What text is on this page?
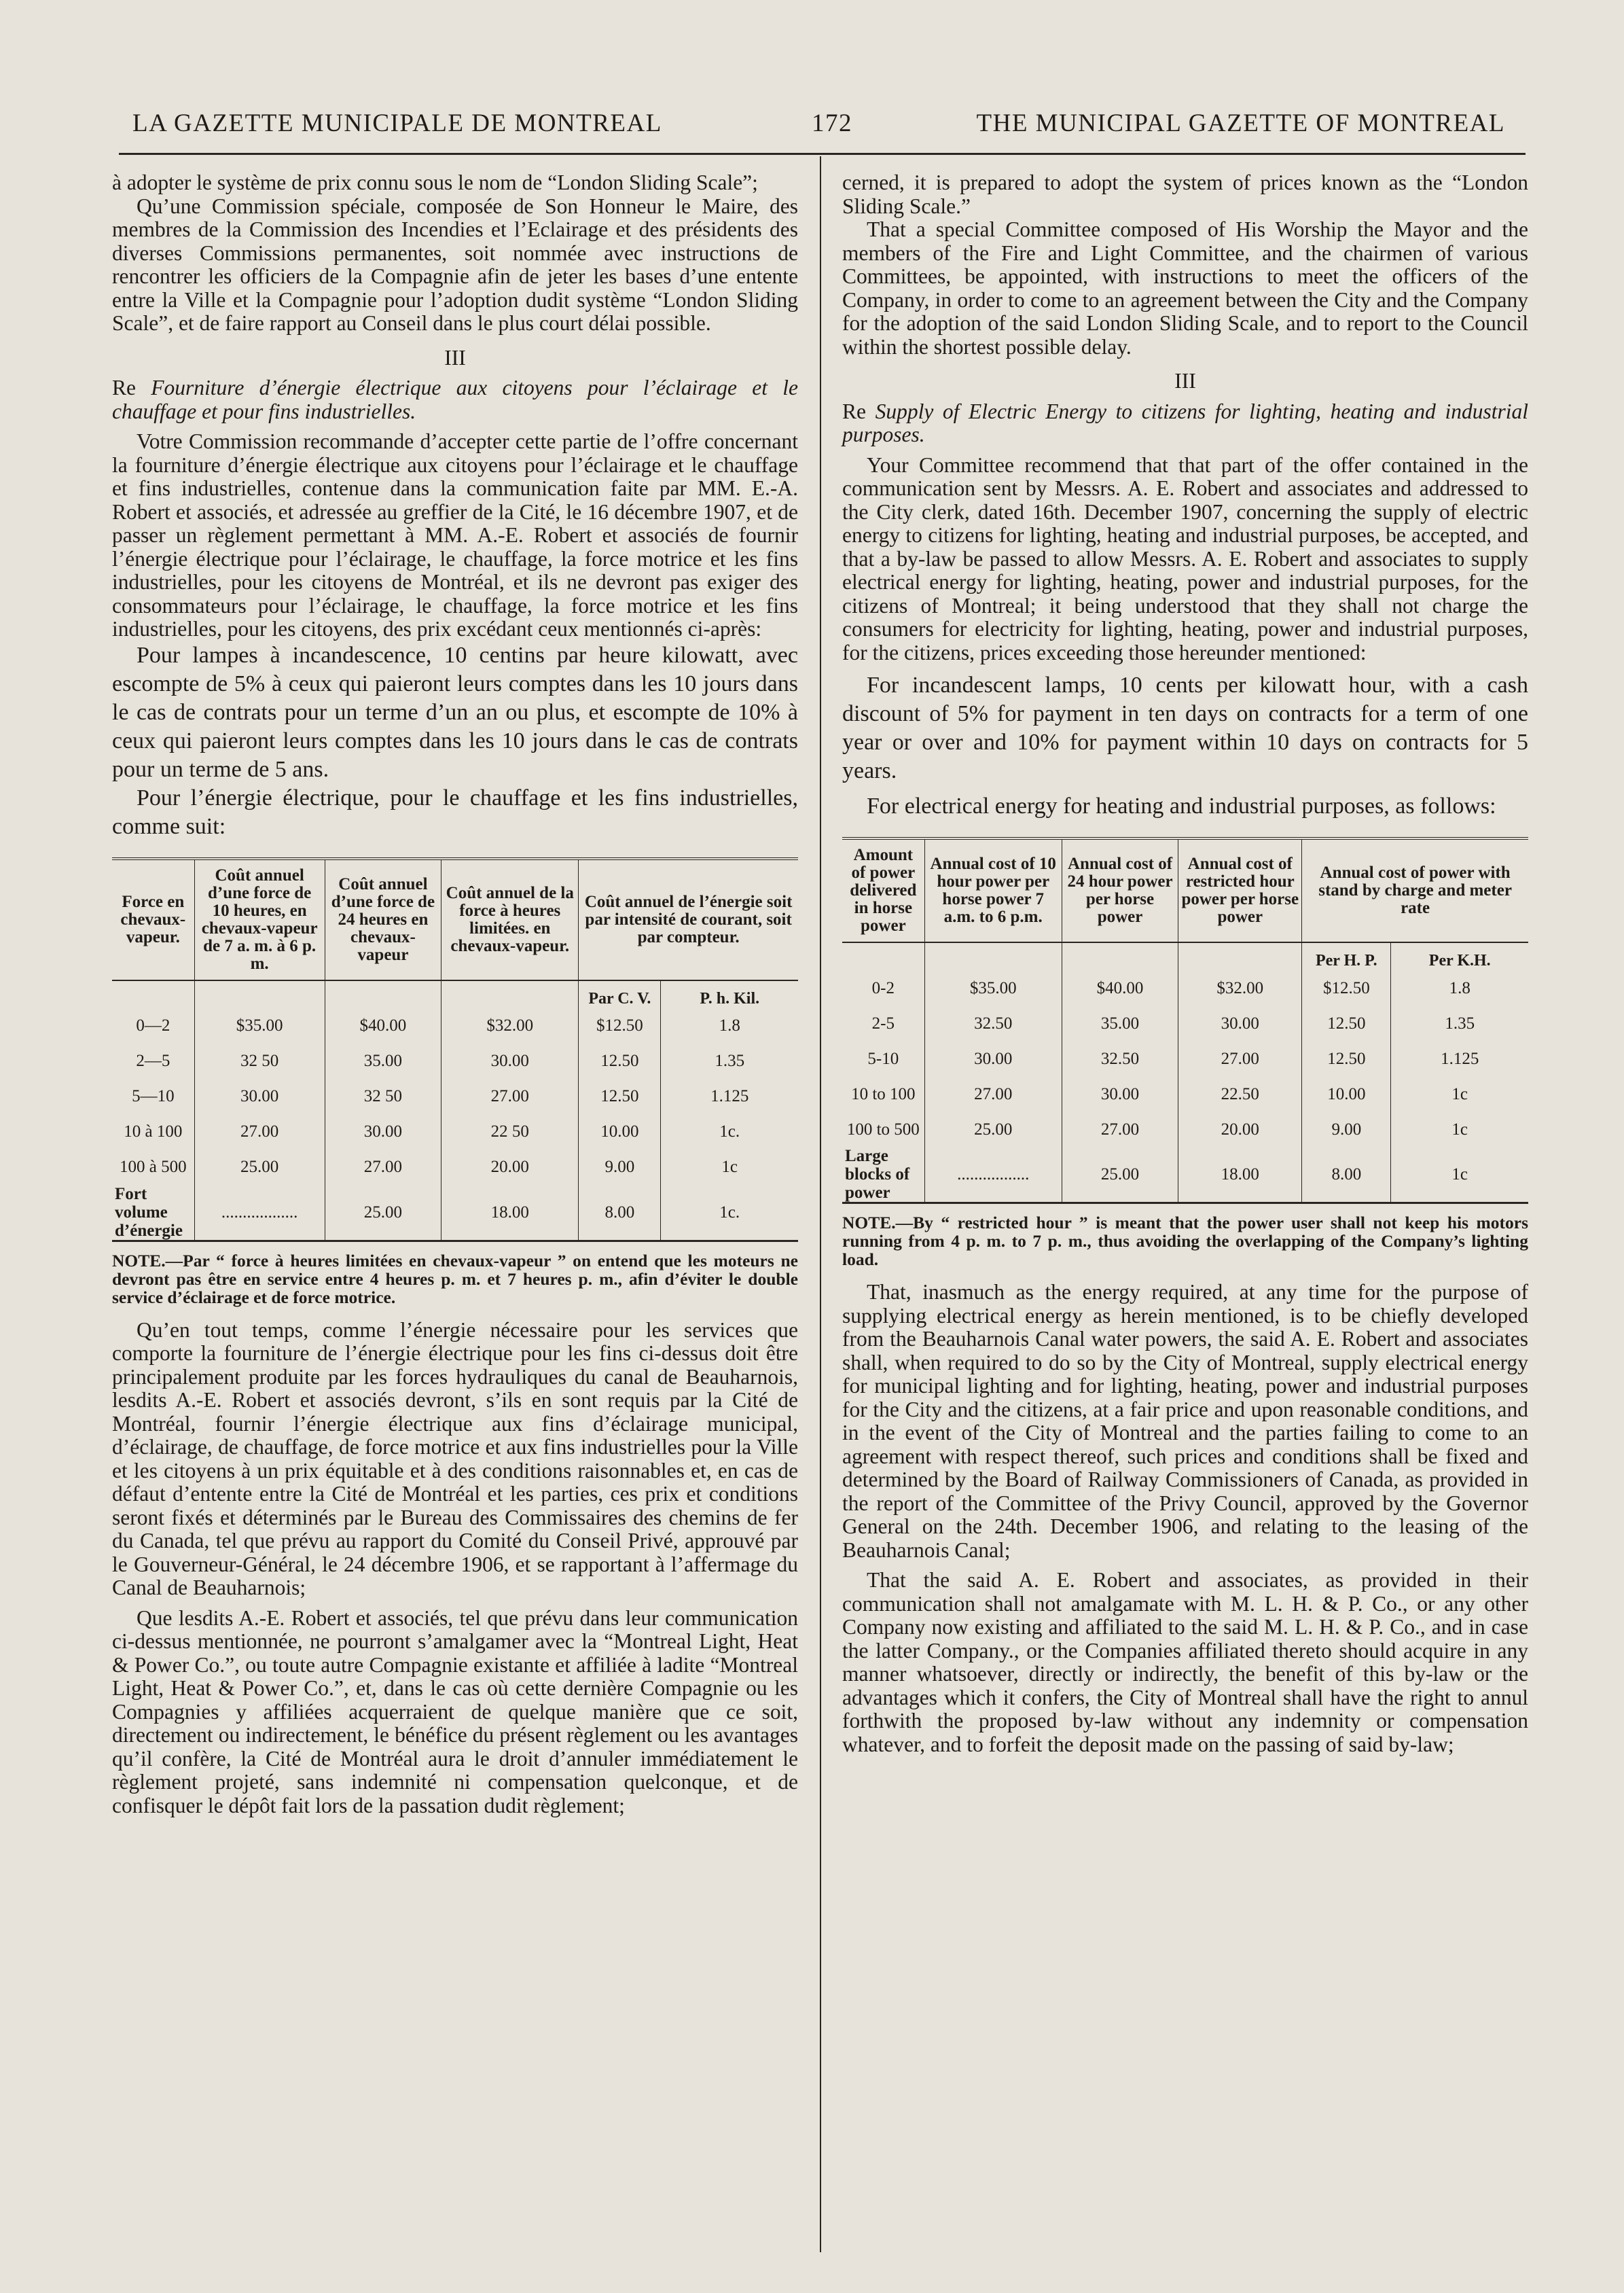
LA GAZETTE MUNICIPALE DE MONTREAL	172	THE MUNICIPAL GAZETTE OF MONTREAL

à adopter le système de prix connu sous le nom de “London Sliding Scale”;

Qu’une Commission spéciale, composée de Son Honneur le Maire, des membres de la Commission des Incendies et l’Eclairage et des présidents des diverses Commissions permanentes, soit nommée avec instructions de rencontrer les officiers de la Compagnie afin de jeter les bases d’une entente entre la Ville et la Compagnie pour l’adoption dudit système “London Sliding Scale”, et de faire rapport au Conseil dans le plus court délai possible.

III

Re Fourniture d’énergie électrique aux citoyens pour l’éclairage et le chauffage et pour fins industrielles.

Votre Commission recommande d’accepter cette partie de l’offre concernant la fourniture d’énergie électrique aux citoyens pour l’éclairage et le chauffage et fins industrielles, contenue dans la communication faite par MM. E.-A. Robert et associés, et adressée au greffier de la Cité, le 16 décembre 1907, et de passer un règlement permettant à MM. A.-E. Robert et associés de fournir l’énergie électrique pour l’éclairage, le chauffage, la force motrice et les fins industrielles, pour les citoyens de Montréal, et ils ne devront pas exiger des consommateurs pour l’éclairage, le chauffage, la force motrice et les fins industrielles, pour les citoyens, des prix excédant ceux mentionnés ci-après:

Pour lampes à incandescence, 10 centins par heure kilowatt, avec escompte de 5% à ceux qui paieront leurs comptes dans les 10 jours dans le cas de contrats pour un terme d’un an ou plus, et escompte de 10% à ceux qui paieront leurs comptes dans les 10 jours dans le cas de contrats pour un terme de 5 ans.

Pour l’énergie électrique, pour le chauffage et les fins industrielles, comme suit:

Force en chevaux-vapeur.	Coût annuel d’une force de 10 heures, en chevaux-vapeur de 7 a. m. à 6 p. m.	Coût annuel d’une force de 24 heures en chevaux-vapeur	Coût annuel de la force à heures limitées. en chevaux-vapeur.	Coût annuel de l’énergie soit par intensité de courant, soit par compteur.	
				Par C. V.	P. h. Kil.
0—2	$35.00	$40.00	$32.00	$12.50	1.8
2—5	32 50	35.00	30.00	12.50	1.35
5—10	30.00	32 50	27.00	12.50	1.125
10 à 100	27.00	30.00	22 50	10.00	1c.
100 à 500	25.00	27.00	20.00	9.00	1c
Fort volume d’énergie	..................	25.00	18.00	8.00	1c.
NOTE.—Par “ force à heures limitées en chevaux-vapeur ” on entend que les moteurs ne devront pas être en service entre 4 heures p. m. et 7 heures p. m., afin d’éviter le double service d’éclairage et de force motrice.

Qu’en tout temps, comme l’énergie nécessaire pour les services que comporte la fourniture de l’énergie électrique pour les fins ci-dessus doit être principalement produite par les forces hydrauliques du canal de Beauharnois, lesdits A.-E. Robert et associés devront, s’ils en sont requis par la Cité de Montréal, fournir l’énergie électrique aux fins d’éclairage municipal, d’éclairage, de chauffage, de force motrice et aux fins industrielles pour la Ville et les citoyens à un prix équitable et à des conditions raisonnables et, en cas de défaut d’entente entre la Cité de Montréal et les parties, ces prix et conditions seront fixés et déterminés par le Bureau des Commissaires des chemins de fer du Canada, tel que prévu au rapport du Comité du Conseil Privé, approuvé par le Gouverneur-Général, le 24 décembre 1906, et se rapportant à l’affermage du Canal de Beauharnois;

Que lesdits A.-E. Robert et associés, tel que prévu dans leur communication ci-dessus mentionnée, ne pourront s’amalgamer avec la “Montreal Light, Heat & Power Co.”, ou toute autre Compagnie existante et affiliée à ladite “Montreal Light, Heat & Power Co.”, et, dans le cas où cette dernière Compagnie ou les Compagnies y affiliées acquerraient de quelque manière que ce soit, directement ou indirectement, le bénéfice du présent règlement ou les avantages qu’il confère, la Cité de Montréal aura le droit d’annuler immédiatement le règlement projeté, sans indemnité ni compensation quelconque, et de confisquer le dépôt fait lors de la passation dudit règlement;

cerned, it is prepared to adopt the system of prices known as the “London Sliding Scale.”

That a special Committee composed of His Worship the Mayor and the members of the Fire and Light Committee, and the chairmen of various Committees, be appointed, with instructions to meet the officers of the Company, in order to come to an agreement between the City and the Company for the adoption of the said London Sliding Scale, and to report to the Council within the shortest possible delay.

III

Re Supply of Electric Energy to citizens for lighting, heating and industrial purposes.

Your Committee recommend that that part of the offer contained in the communication sent by Messrs. A. E. Robert and associates and addressed to the City clerk, dated 16th. December 1907, concerning the supply of electric energy to citizens for lighting, heating and industrial purposes, be accepted, and that a by-law be passed to allow Messrs. A. E. Robert and associates to supply electrical energy for lighting, heating, power and industrial purposes, for the citizens of Montreal; it being understood that they shall not charge the consumers for electricity for lighting, heating, power and industrial purposes, for the citizens, prices exceeding those hereunder mentioned:

For incandescent lamps, 10 cents per kilowatt hour, with a cash discount of 5% for payment in ten days on contracts for a term of one year or over and 10% for payment within 10 days on contracts for 5 years.

For electrical energy for heating and industrial purposes, as follows:

Amount of power delivered in horse power	Annual cost of 10 hour power per horse power 7 a.m. to 6 p.m.	Annual cost of 24 hour power per horse power	Annual cost of restricted hour power per horse power	Annual cost of power with stand by charge and meter rate	
				Per H. P.	Per K.H.
0-2	$35.00	$40.00	$32.00	$12.50	1.8
2-5	32.50	35.00	30.00	12.50	1.35
5-10	30.00	32.50	27.00	12.50	1.125
10 to 100	27.00	30.00	22.50	10.00	1c
100 to 500	25.00	27.00	20.00	9.00	1c
Large blocks of power	.................	25.00	18.00	8.00	1c
NOTE.—By “ restricted hour ” is meant that the power user shall not keep his motors running from 4 p. m. to 7 p. m., thus avoiding the overlapping of the Company’s lighting load.

That, inasmuch as the energy required, at any time for the purpose of supplying electrical energy as herein mentioned, is to be chiefly developed from the Beauharnois Canal water powers, the said A. E. Robert and associates shall, when required to do so by the City of Montreal, supply electrical energy for municipal lighting and for lighting, heating, power and industrial purposes for the City and the citizens, at a fair price and upon reasonable conditions, and in the event of the City of Montreal and the parties failing to come to an agreement with respect thereof, such prices and conditions shall be fixed and determined by the Board of Railway Commissioners of Canada, as provided in the report of the Committee of the Privy Council, approved by the Governor General on the 24th. December 1906, and relating to the leasing of the Beauharnois Canal;

That the said A. E. Robert and associates, as provided in their communication shall not amalgamate with M. L. H. & P. Co., or any other Company now existing and affiliated to the said M. L. H. & P. Co., and in case the latter Company., or the Companies affiliated thereto should acquire in any manner whatsoever, directly or indirectly, the benefit of this by-law or the advantages which it confers, the City of Montreal shall have the right to annul forthwith the proposed by-law without any indemnity or compensation whatever, and to forfeit the deposit made on the passing of said by-law;
